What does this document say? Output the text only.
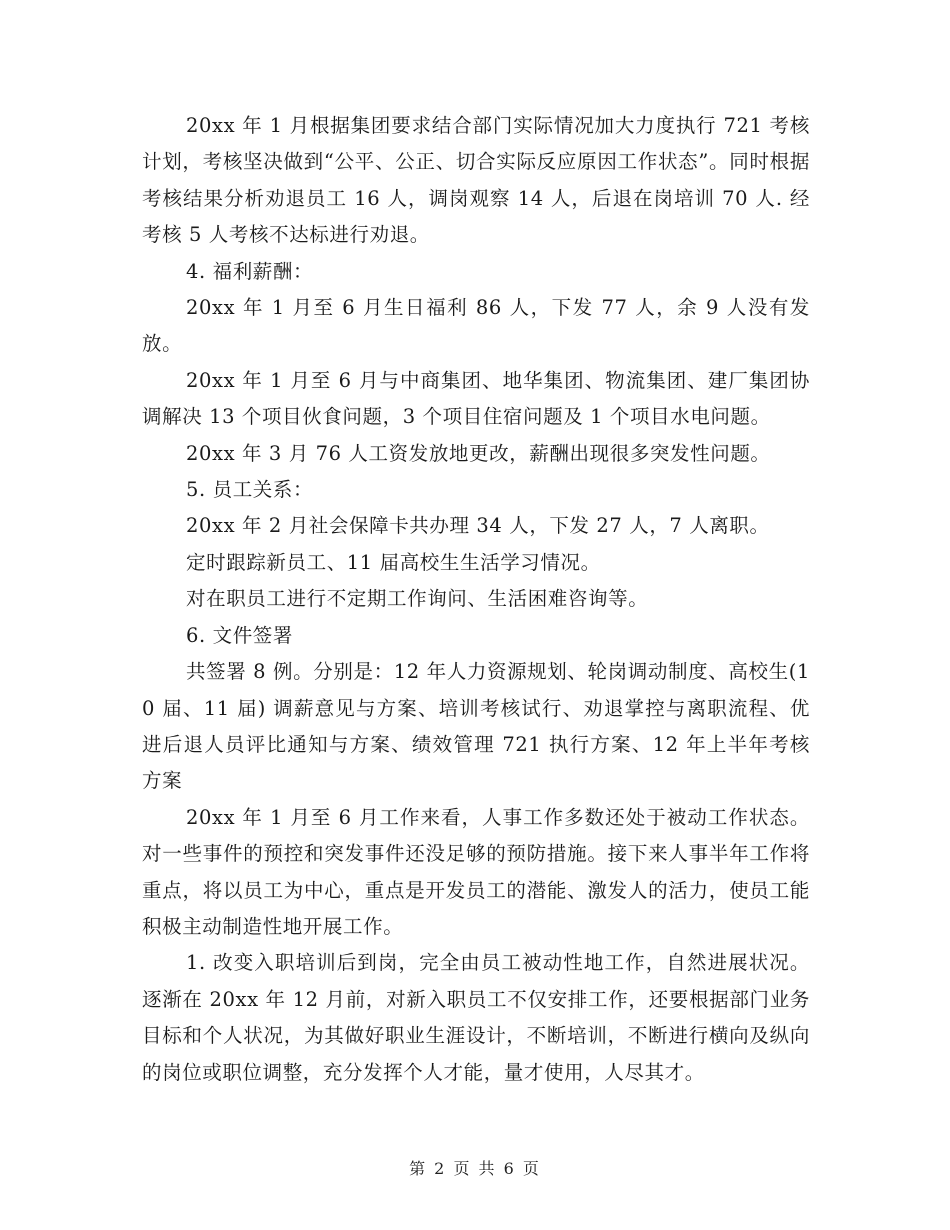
20xx 年 1 月根据集团要求结合部门实际情况加大力度执行 721 考核计划，考核坚决做到“公平、公正、切合实际反应原因工作状态”。同时根据考核结果分析劝退员工 16 人，调岗观察 14 人，后退在岗培训 70 人. 经考核 5 人考核不达标进行劝退。

4. 福利薪酬：

20xx 年 1 月至 6 月生日福利 86 人，下发 77 人，余 9 人没有发放。

20xx 年 1 月至 6 月与中商集团、地华集团、物流集团、建厂集团协调解决 13 个项目伙食问题，3 个项目住宿问题及 1 个项目水电问题。

20xx 年 3 月 76 人工资发放地更改，薪酬出现很多突发性问题。

5. 员工关系：

20xx 年 2 月社会保障卡共办理 34 人，下发 27 人，7 人离职。

定时跟踪新员工、11 届高校生生活学习情况。

对在职员工进行不定期工作询问、生活困难咨询等。

6. 文件签署

共签署 8 例。分别是：12 年人力资源规划、轮岗调动制度、高校生(10 届、11 届) 调薪意见与方案、培训考核试行、劝退掌控与离职流程、优进后退人员评比通知与方案、绩效管理 721 执行方案、12 年上半年考核方案

20xx 年 1 月至 6 月工作来看，人事工作多数还处于被动工作状态。对一些事件的预控和突发事件还没足够的预防措施。接下来人事半年工作将重点，将以员工为中心，重点是开发员工的潜能、激发人的活力，使员工能积极主动制造性地开展工作。

1. 改变入职培训后到岗，完全由员工被动性地工作，自然进展状况。逐渐在 20xx 年 12 月前，对新入职员工不仅安排工作，还要根据部门业务目标和个人状况，为其做好职业生涯设计，不断培训，不断进行横向及纵向的岗位或职位调整，充分发挥个人才能，量才使用，人尽其才。

第 2 页 共 6 页
